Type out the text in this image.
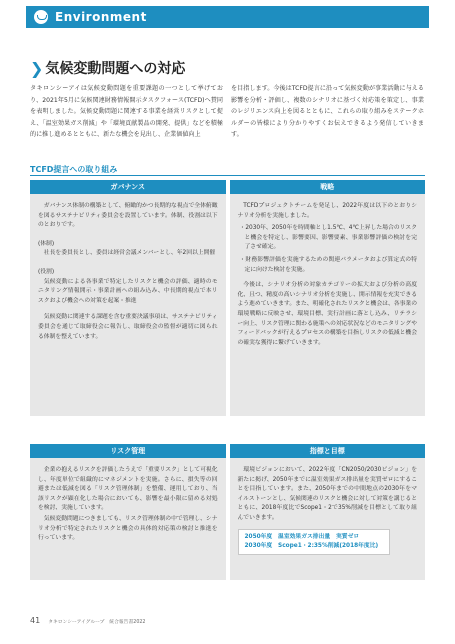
Environment
❯ 気候変動問題への対応

タキロンシーアイは気候変動問題を重要課題の一つとして挙げており、2021年5月に気候関連財務情報開示タスクフォース(TCFD)へ賛同を表明しました。気候変動問題に関連する事業を経営リスクとして捉え、「温室効果ガス削減」や「環境貢献製品の開発、提供」などを積極的に推し進めるとともに、新たな機会を見出し、企業価値向上

を目指します。今後はTCFD提言に沿って気候変動が事業活動に与える影響を分析・評価し、複数のシナリオに基づく対応策を策定し、事業のレジリエンス向上を図るとともに、これらの取り組みをステークホルダーの皆様により分かりやすくお伝えできるよう発信していきます。

TCFD提言への取り組み
ガバナンス

ガバナンス体制の構築として、俯瞰的かつ長期的な視点で全体俯瞰を図るサステナビリティ委員会を設置しています。体制、役割は以下のとおりです。

(体制)

社長を委員長とし、委員は経営会議メンバーとし、年2回以上開催

(役割)

気候変動による各事業で特定したリスクと機会の評価、適時のモニタリング情報開示・事業計画への組み込み、中長期的視点で本リスクおよび機会への対策を起案・推進

気候変動に関連する課題を含む重要決議事項は、サステナビリティ委員会を通じて取締役会に報告し、取締役会の監督が適切に図られる体制を整えています。

戦略

TCFDプロジェクトチームを発足し、2022年度は以下のとおりシナリオ分析を実施しました。

・2030年、2050年を時間軸とし1.5℃、4℃上昇した場合のリスクと機会を特定し、影響要因、影響要素、事業影響評価の検討を完了させ確定。

・財務影響評価を実施するための関連パラメータおよび算定式の特定に向けた検討を実施。

今後は、シナリオ分析の対象カテゴリーの拡大および分析の高度化、且つ、精度の高いシナリオ分析を実施し、開示情報を充実できるよう進めていきます。また、明確化されたリスクと機会は、各事業の環境戦略に反映させ、環境目標、実行計画に落とし込み、リテラシー向上、リスク管理に関わる施策への対応状況などのモニタリングやフィードバックが行えるプロセスの構築を目指しリスクの低減と機会の確実な獲得に繋げていきます。

リスク管理

企業の抱えるリスクを評価したうえで「重要リスク」として可視化し、年度単位で組織的にマネジメントを実施。さらに、損失等の回避または低減を図る「リスク管理体制」を整備、運用しており、当該リスクが顕在化した場合においても、影響を最小限に留める対処を検討、実施しています。

気候変動問題につきましても、リスク管理体制の中で管理し、シナリオ分析で特定されたリスクと機会の具体的対応策の検討と推進を行っています。

指標と目標

環境ビジョンにおいて、2022年度「CN2050/2030ビジョン」を新たに掲げ、2050年までに温室効果ガス排出量を実質ゼロにすることを目指しています。また、2050年までの中間地点の2030年をマイルストーンとし、気候関連のリスクと機会に対して対策を講じるとともに、2018年度比でScope1・2で35%削減を目標として取り組んでいきます。

2050年度　温室効果ガス排出量　実質ゼロ
2030年度　Scope1・2:35%削減(2018年度比)
41 タキロンシーアイグループ　統合報告書2022
